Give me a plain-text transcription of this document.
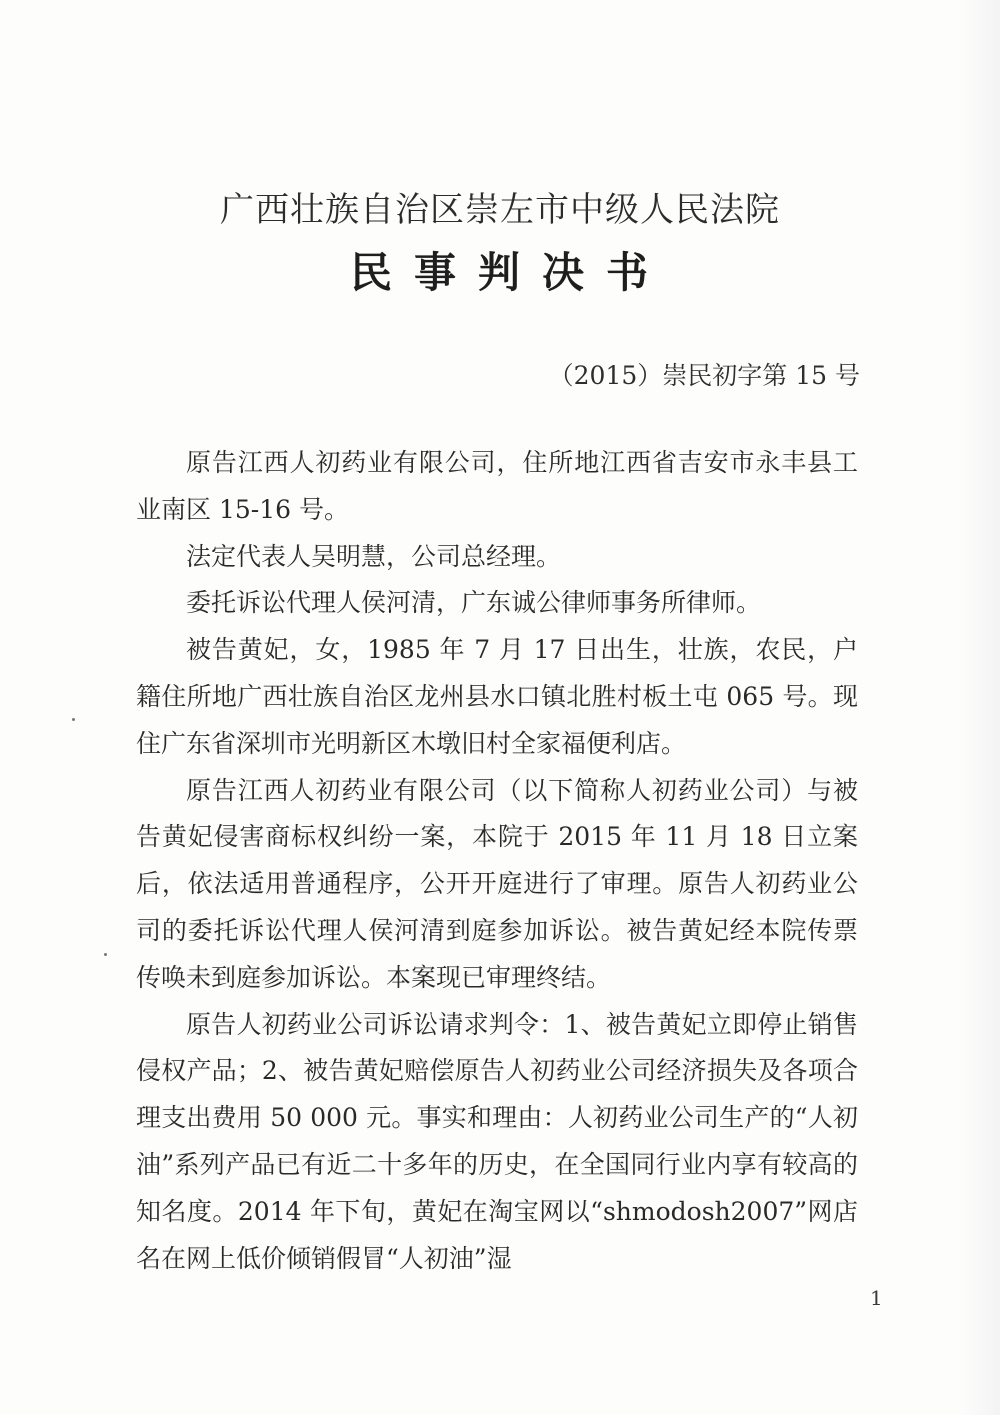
广西壮族自治区崇左市中级人民法院
民事判决书
（2015）崇民初字第 15 号

原告江西人初药业有限公司，住所地江西省吉安市永丰县工业南区 15-16 号。

法定代表人吴明慧，公司总经理。

委托诉讼代理人侯河清，广东诚公律师事务所律师。

被告黄妃，女，1985 年 7 月 17 日出生，壮族，农民，户籍住所地广西壮族自治区龙州县水口镇北胜村板土屯 065 号。现住广东省深圳市光明新区木墩旧村全家福便利店。

原告江西人初药业有限公司（以下简称人初药业公司）与被告黄妃侵害商标权纠纷一案，本院于 2015 年 11 月 18 日立案后，依法适用普通程序，公开开庭进行了审理。原告人初药业公司的委托诉讼代理人侯河清到庭参加诉讼。被告黄妃经本院传票传唤未到庭参加诉讼。本案现已审理终结。

原告人初药业公司诉讼请求判令：1、被告黄妃立即停止销售侵权产品；2、被告黄妃赔偿原告人初药业公司经济损失及各项合理支出费用 50 000 元。事实和理由：人初药业公司生产的“人初油”系列产品已有近二十多年的历史，在全国同行业内享有较高的知名度。2014 年下旬，黄妃在淘宝网以“shmodosh2007”网店名在网上低价倾销假冒“人初油”湿

1
